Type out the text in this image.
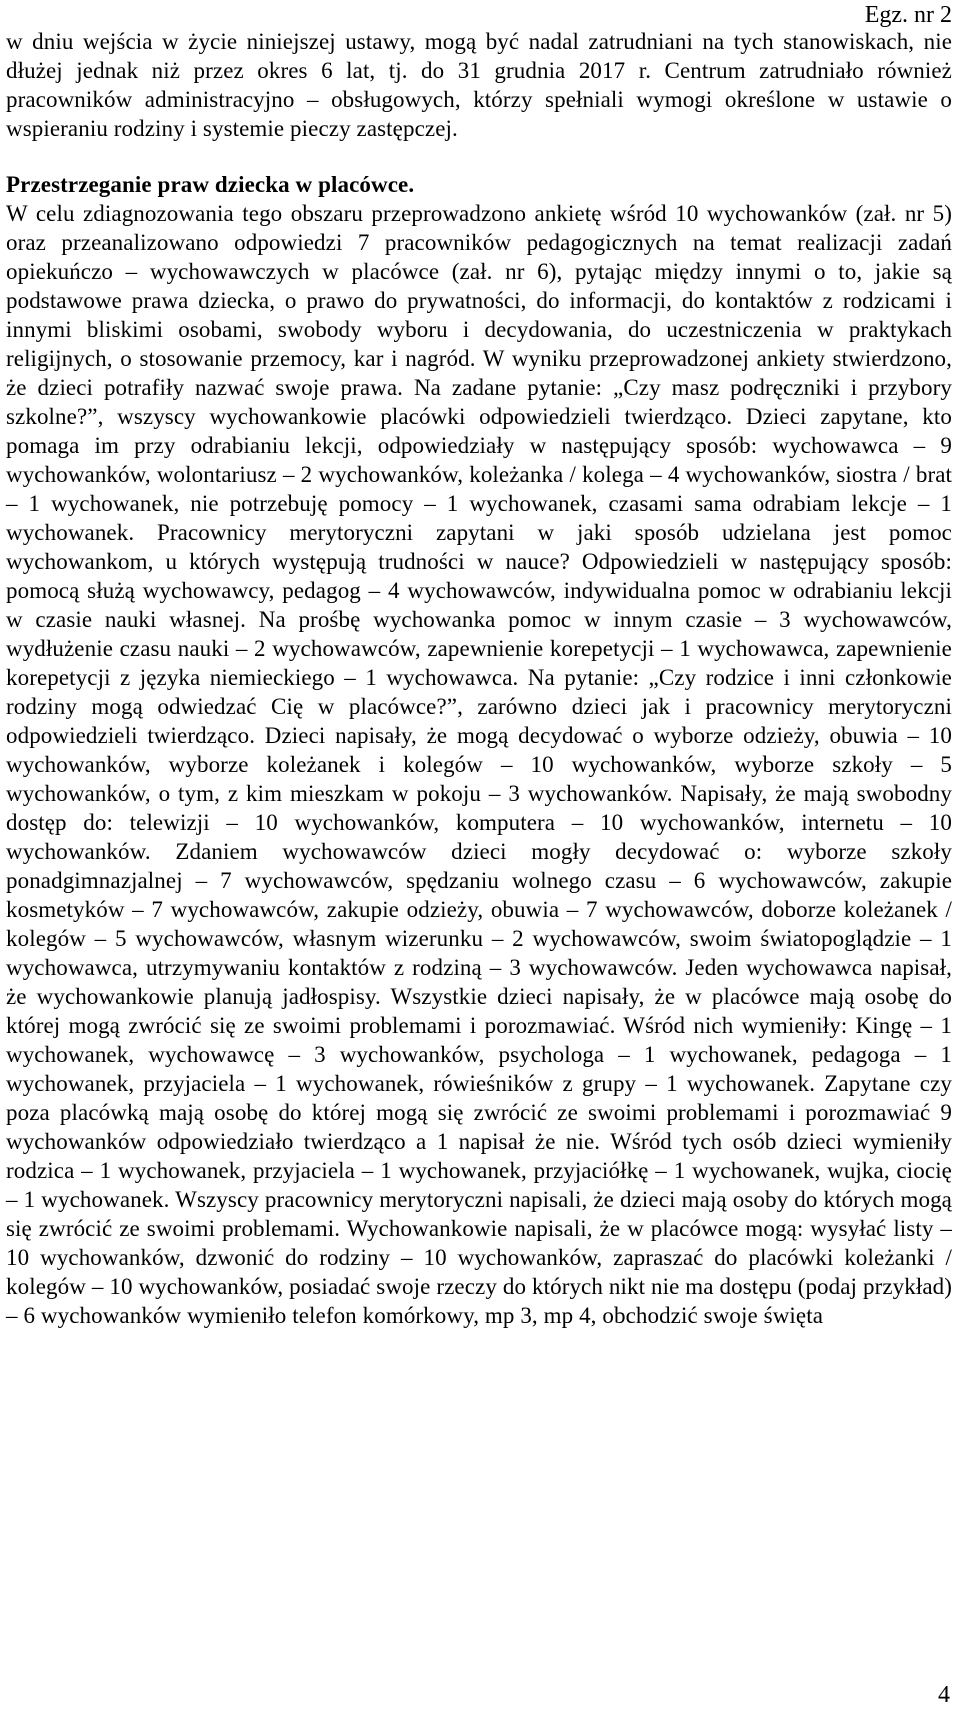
Egz. nr 2

w dniu wejścia w życie niniejszej ustawy, mogą być nadal zatrudniani na tych stanowiskach, nie dłużej jednak niż przez okres 6 lat, tj. do 31 grudnia 2017 r. Centrum zatrudniało również pracowników administracyjno – obsługowych, którzy spełniali wymogi określone w ustawie o wspieraniu rodziny i systemie pieczy zastępczej.

Przestrzeganie praw dziecka w placówce.

W celu zdiagnozowania tego obszaru przeprowadzono ankietę wśród 10 wychowanków (zał. nr 5) oraz przeanalizowano odpowiedzi 7 pracowników pedagogicznych na temat realizacji zadań opiekuńczo – wychowawczych w placówce (zał. nr 6), pytając między innymi o to, jakie są podstawowe prawa dziecka, o prawo do prywatności, do informacji, do kontaktów z rodzicami i innymi bliskimi osobami, swobody wyboru i decydowania, do uczestniczenia w praktykach religijnych, o stosowanie przemocy, kar i nagród. W wyniku przeprowadzonej ankiety stwierdzono, że dzieci potrafiły nazwać swoje prawa. Na zadane pytanie: „Czy masz podręczniki i przybory szkolne?”, wszyscy wychowankowie placówki odpowiedzieli twierdząco. Dzieci zapytane, kto pomaga im przy odrabianiu lekcji, odpowiedziały w następujący sposób: wychowawca – 9 wychowanków, wolontariusz – 2 wychowanków, koleżanka / kolega – 4 wychowanków, siostra / brat – 1 wychowanek, nie potrzebuję pomocy – 1 wychowanek, czasami sama odrabiam lekcje – 1 wychowanek. Pracownicy merytoryczni zapytani w jaki sposób udzielana jest pomoc wychowankom, u których występują trudności w nauce? Odpowiedzieli w następujący sposób: pomocą służą wychowawcy, pedagog – 4 wychowawców, indywidualna pomoc w odrabianiu lekcji w czasie nauki własnej. Na prośbę wychowanka pomoc w innym czasie – 3 wychowawców, wydłużenie czasu nauki – 2 wychowawców, zapewnienie korepetycji – 1 wychowawca, zapewnienie korepetycji z języka niemieckiego – 1 wychowawca. Na pytanie: „Czy rodzice i inni członkowie rodziny mogą odwiedzać Cię w placówce?”, zarówno dzieci jak i pracownicy merytoryczni odpowiedzieli twierdząco. Dzieci napisały, że mogą decydować o wyborze odzieży, obuwia – 10 wychowanków, wyborze koleżanek i kolegów – 10 wychowanków, wyborze szkoły – 5 wychowanków, o tym, z kim mieszkam w pokoju – 3 wychowanków. Napisały, że mają swobodny dostęp do: telewizji – 10 wychowanków, komputera – 10 wychowanków, internetu – 10 wychowanków. Zdaniem wychowawców dzieci mogły decydować o: wyborze szkoły ponadgimnazjalnej – 7 wychowawców, spędzaniu wolnego czasu – 6 wychowawców, zakupie kosmetyków – 7 wychowawców, zakupie odzieży, obuwia – 7 wychowawców, doborze koleżanek / kolegów – 5 wychowawców, własnym wizerunku – 2 wychowawców, swoim światopoglądzie – 1 wychowawca, utrzymywaniu kontaktów z rodziną – 3 wychowawców. Jeden wychowawca napisał, że wychowankowie planują jadłospisy. Wszystkie dzieci napisały, że w placówce mają osobę do której mogą zwrócić się ze swoimi problemami i porozmawiać. Wśród nich wymieniły: Kingę – 1 wychowanek, wychowawcę – 3 wychowanków, psychologa – 1 wychowanek, pedagoga – 1 wychowanek, przyjaciela – 1 wychowanek, rówieśników z grupy – 1 wychowanek. Zapytane czy poza placówką mają osobę do której mogą się zwrócić ze swoimi problemami i porozmawiać 9 wychowanków odpowiedziało twierdząco a 1 napisał że nie. Wśród tych osób dzieci wymieniły rodzica – 1 wychowanek, przyjaciela – 1 wychowanek, przyjaciółkę – 1 wychowanek, wujka, ciocię – 1 wychowanek. Wszyscy pracownicy merytoryczni napisali, że dzieci mają osoby do których mogą się zwrócić ze swoimi problemami. Wychowankowie napisali, że w placówce mogą: wysyłać listy – 10 wychowanków, dzwonić do rodziny – 10 wychowanków, zapraszać do placówki koleżanki / kolegów – 10 wychowanków, posiadać swoje rzeczy do których nikt nie ma dostępu (podaj przykład) – 6 wychowanków wymieniło telefon komórkowy, mp 3, mp 4, obchodzić swoje święta

4
